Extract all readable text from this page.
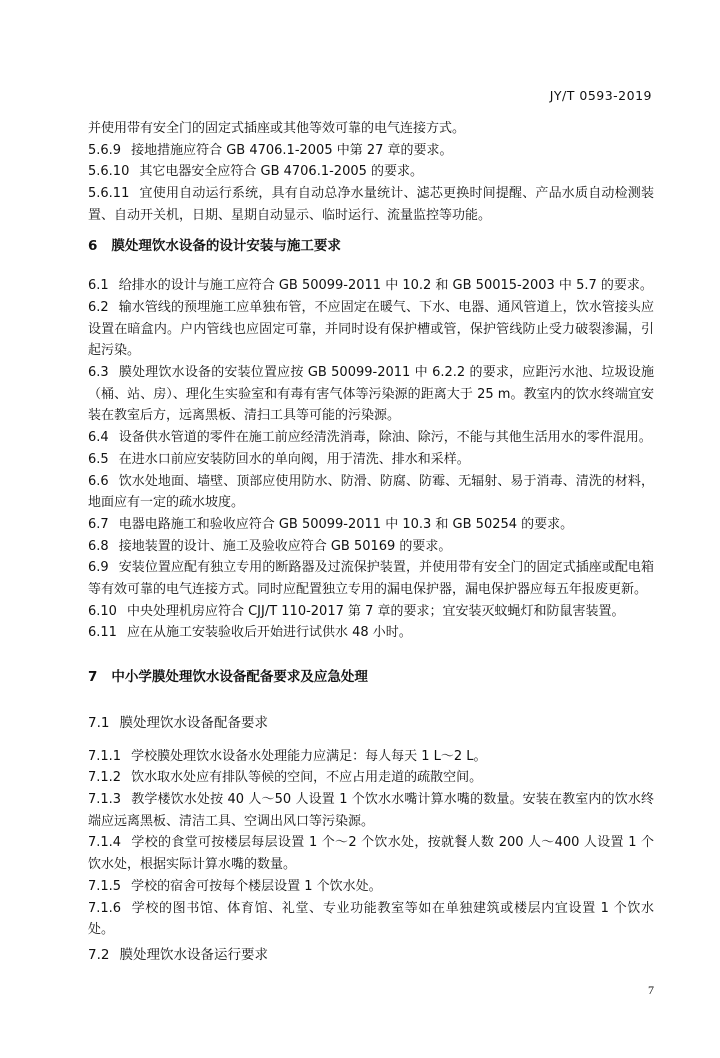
JY/T 0593-2019

并使用带有安全门的固定式插座或其他等效可靠的电气连接方式。

5.6.9 接地措施应符合 GB 4706.1-2005 中第 27 章的要求。

5.6.10 其它电器安全应符合 GB 4706.1-2005 的要求。

5.6.11 宜使用自动运行系统，具有自动总净水量统计、滤芯更换时间提醒、产品水质自动检测装置、自动开关机，日期、星期自动显示、临时运行、流量监控等功能。

6 膜处理饮水设备的设计安装与施工要求

6.1 给排水的设计与施工应符合 GB 50099-2011 中 10.2 和 GB 50015-2003 中 5.7 的要求。

6.2 输水管线的预埋施工应单独布管，不应固定在暖气、下水、电器、通风管道上，饮水管接头应设置在暗盒内。户内管线也应固定可靠，并同时设有保护槽或管，保护管线防止受力破裂渗漏，引起污染。

6.3 膜处理饮水设备的安装位置应按 GB 50099-2011 中 6.2.2 的要求，应距污水池、垃圾设施（桶、站、房）、理化生实验室和有毒有害气体等污染源的距离大于 25 m。教室内的饮水终端宜安装在教室后方，远离黑板、清扫工具等可能的污染源。

6.4 设备供水管道的零件在施工前应经清洗消毒，除油、除污，不能与其他生活用水的零件混用。

6.5 在进水口前应安装防回水的单向阀，用于清洗、排水和采样。

6.6 饮水处地面、墙壁、顶部应使用防水、防滑、防腐、防霉、无辐射、易于消毒、清洗的材料，地面应有一定的疏水坡度。

6.7 电器电路施工和验收应符合 GB 50099-2011 中 10.3 和 GB 50254 的要求。

6.8 接地装置的设计、施工及验收应符合 GB 50169 的要求。

6.9 安装位置应配有独立专用的断路器及过流保护装置，并使用带有安全门的固定式插座或配电箱等有效可靠的电气连接方式。同时应配置独立专用的漏电保护器，漏电保护器应每五年报废更新。

6.10 中央处理机房应符合 CJJ/T 110-2017 第 7 章的要求；宜安装灭蚊蝇灯和防鼠害装置。

6.11 应在从施工安装验收后开始进行试供水 48 小时。

7 中小学膜处理饮水设备配备要求及应急处理

7.1 膜处理饮水设备配备要求

7.1.1 学校膜处理饮水设备水处理能力应满足：每人每天 1 L～2 L。

7.1.2 饮水取水处应有排队等候的空间，不应占用走道的疏散空间。

7.1.3 教学楼饮水处按 40 人～50 人设置 1 个饮水水嘴计算水嘴的数量。安装在教室内的饮水终端应远离黑板、清洁工具、空调出风口等污染源。

7.1.4 学校的食堂可按楼层每层设置 1 个～2 个饮水处，按就餐人数 200 人～400 人设置 1 个饮水处，根据实际计算水嘴的数量。

7.1.5 学校的宿舍可按每个楼层设置 1 个饮水处。

7.1.6 学校的图书馆、体育馆、礼堂、专业功能教室等如在单独建筑或楼层内宜设置 1 个饮水处。

7.2 膜处理饮水设备运行要求

7
